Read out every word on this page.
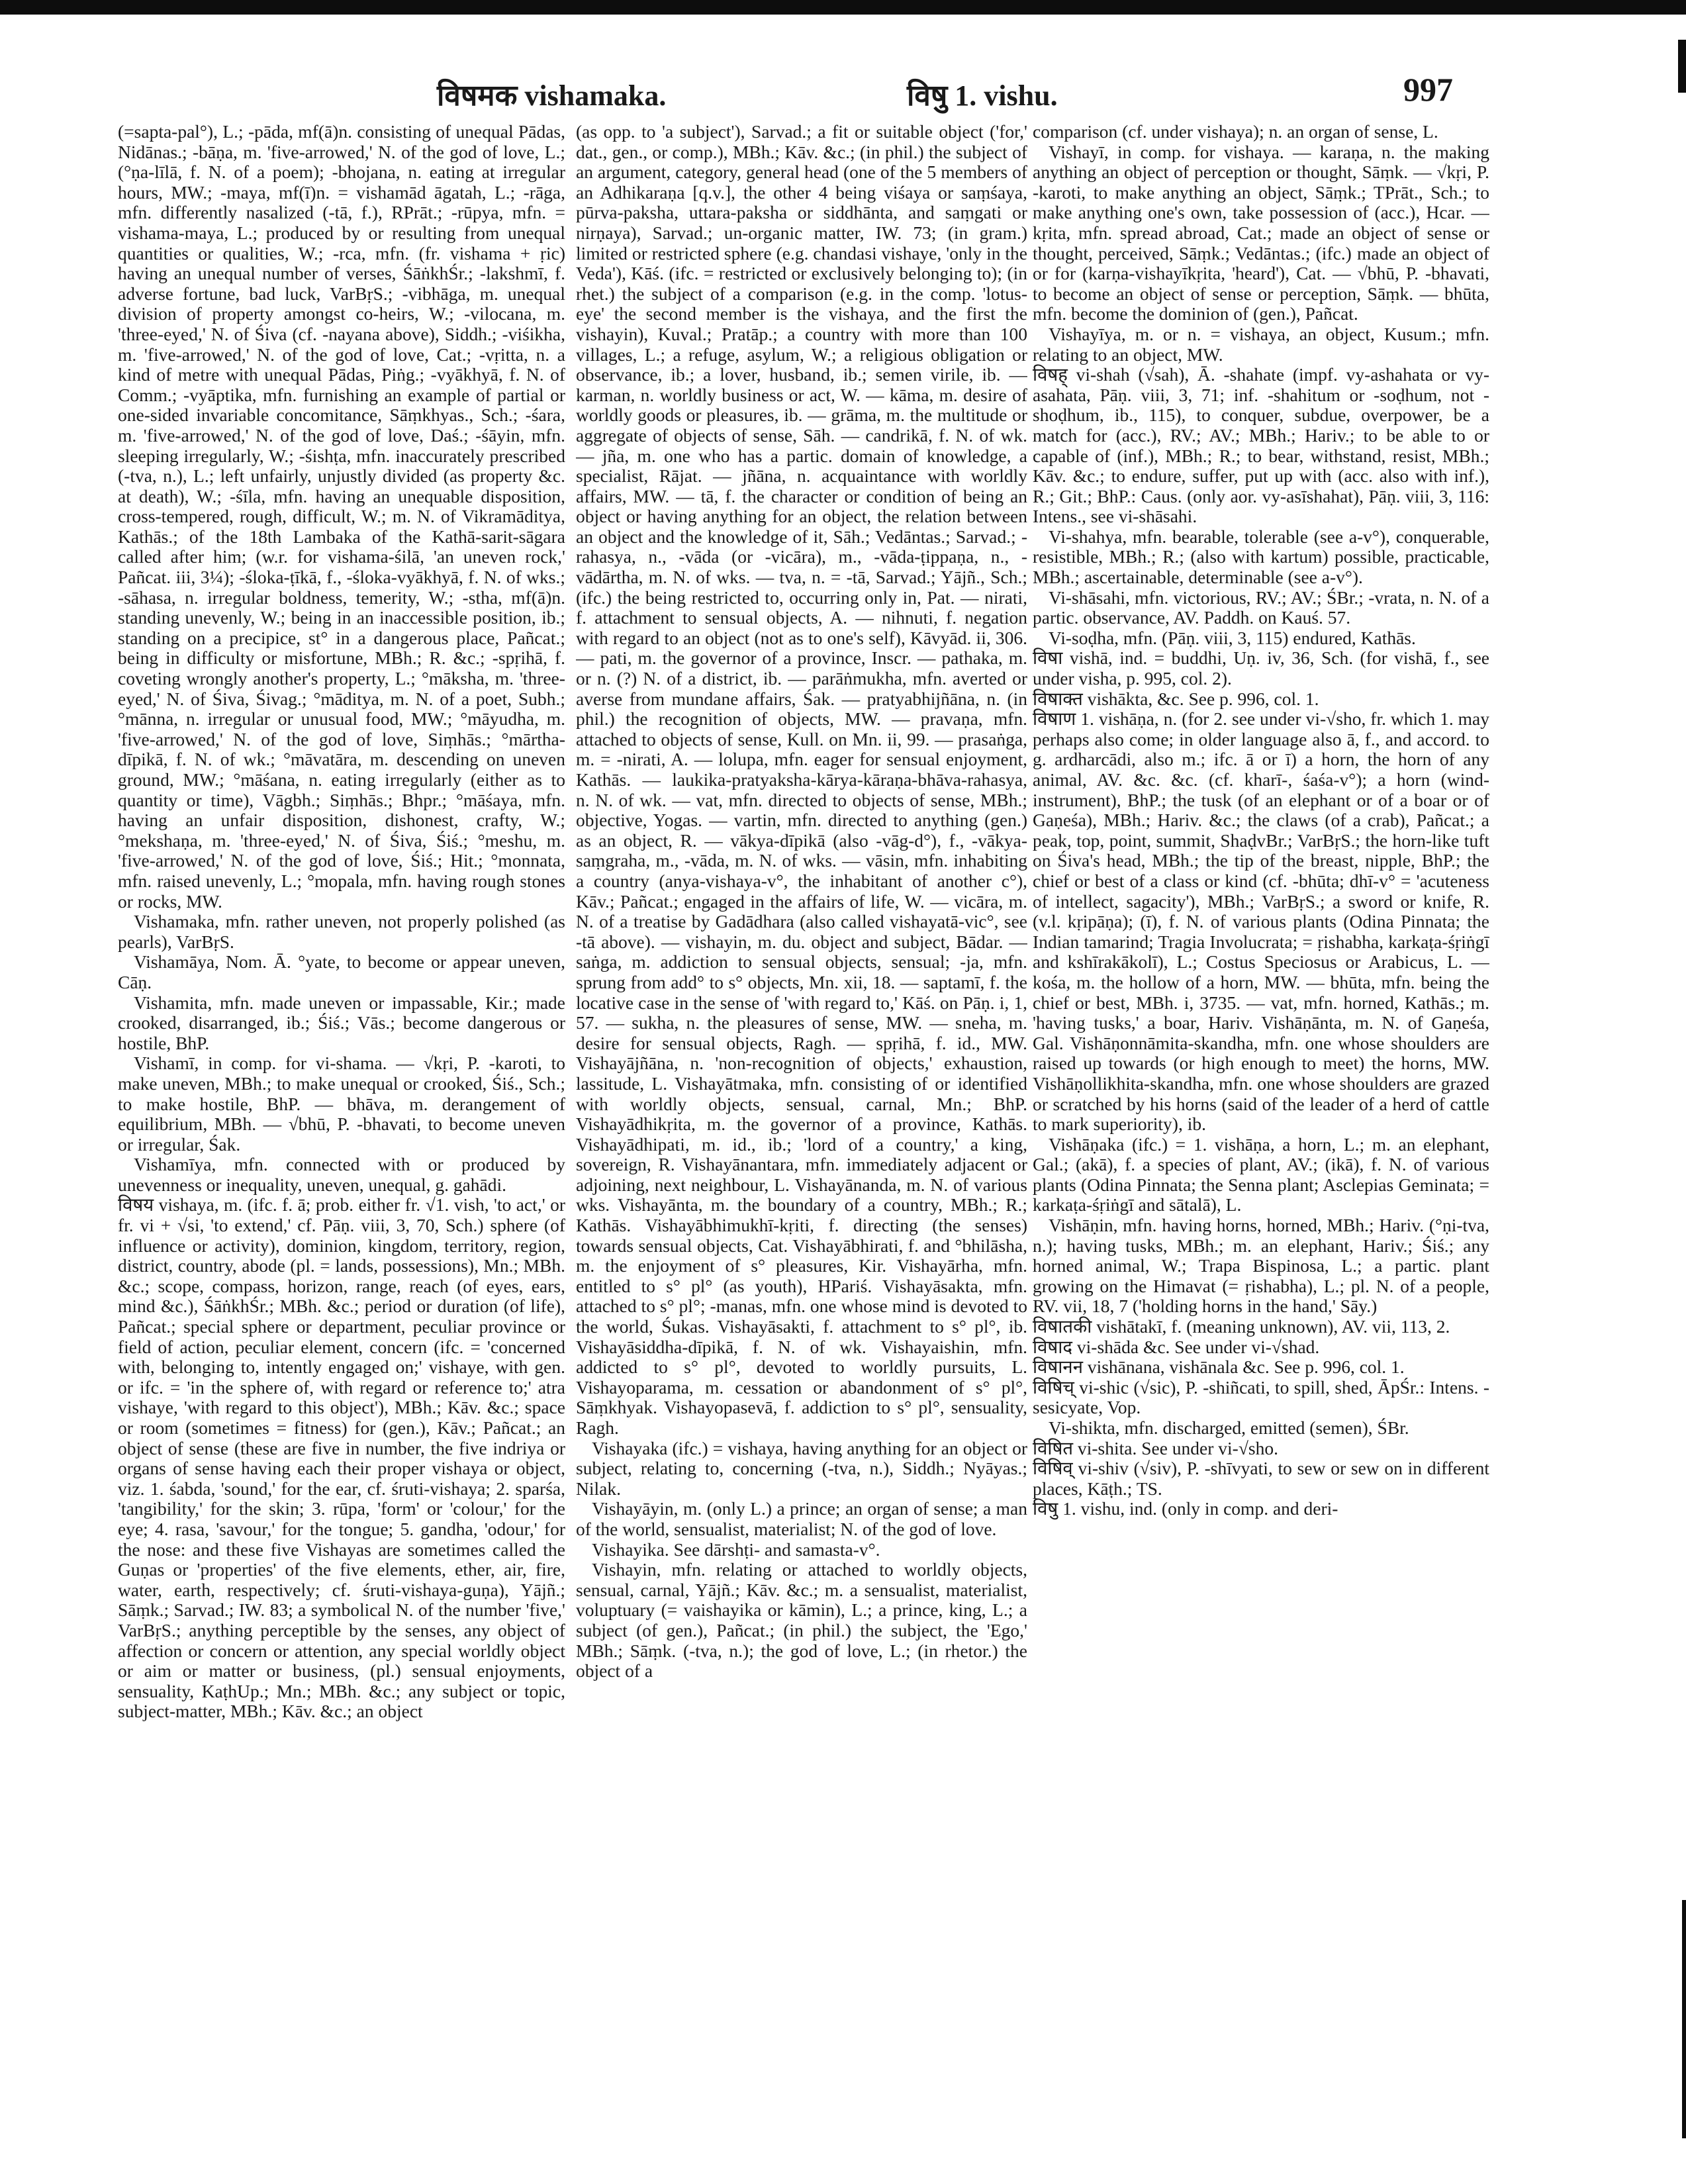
विषमक vishamaka.	विषु 1. vishu.	997

(=sapta-pal°), L.; -pāda, mf(ā)n. consisting of unequal Pādas, Nidānas.; -bāṇa, m. 'five-arrowed,' N. of the god of love, L.; (°ṇa-līlā, f. N. of a poem); -bhojana, n. eating at irregular hours, MW.; -maya, mf(ī)n. = vishamād āgatah, L.; -rāga, mfn. differently nasalized (-tā, f.), RPrāt.; -rūpya, mfn. = vishama-maya, L.; produced by or resulting from unequal quantities or qualities, W.; -rca, mfn. (fr. vishama + ṛic) having an unequal number of verses, ŚāṅkhŚr.; -lakshmī, f. adverse fortune, bad luck, VarBṛS.; -vibhāga, m. unequal division of property amongst co-heirs, W.; -vilocana, m. 'three-eyed,' N. of Śiva (cf. -nayana above), Siddh.; -viśikha, m. 'five-arrowed,' N. of the god of love, Cat.; -vṛitta, n. a kind of metre with unequal Pādas, Piṅg.; -vyākhyā, f. N. of Comm.; -vyāptika, mfn. furnishing an example of partial or one-sided invariable concomitance, Sāṃkhyas., Sch.; -śara, m. 'five-arrowed,' N. of the god of love, Daś.; -śāyin, mfn. sleeping irregularly, W.; -śishṭa, mfn. inaccurately prescribed (-tva, n.), L.; left unfairly, unjustly divided (as property &c. at death), W.; -śīla, mfn. having an unequable disposition, cross-tempered, rough, difficult, W.; m. N. of Vikramāditya, Kathās.; of the 18th Lambaka of the Kathā-sarit-sāgara called after him; (w.r. for vishama-śilā, 'an uneven rock,' Pañcat. iii, 3¼); -śloka-ṭīkā, f., -śloka-vyākhyā, f. N. of wks.; -sāhasa, n. irregular boldness, temerity, W.; -stha, mf(ā)n. standing unevenly, W.; being in an inaccessible position, ib.; standing on a precipice, st° in a dangerous place, Pañcat.; being in difficulty or misfortune, MBh.; R. &c.; -spṛihā, f. coveting wrongly another's property, L.; °māksha, m. 'three-eyed,' N. of Śiva, Śivag.; °māditya, m. N. of a poet, Subh.; °mānna, n. irregular or unusual food, MW.; °māyudha, m. 'five-arrowed,' N. of the god of love, Siṃhās.; °mārtha-dīpikā, f. N. of wk.; °māvatāra, m. descending on uneven ground, MW.; °māśana, n. eating irregularly (either as to quantity or time), Vāgbh.; Siṃhās.; Bhpr.; °māśaya, mfn. having an unfair disposition, dishonest, crafty, W.; °mekshaṇa, m. 'three-eyed,' N. of Śiva, Śiś.; °meshu, m. 'five-arrowed,' N. of the god of love, Śiś.; Hit.; °monnata, mfn. raised unevenly, L.; °mopala, mfn. having rough stones or rocks, MW.

Vishamaka, mfn. rather uneven, not properly polished (as pearls), VarBṛS.

Vishamāya, Nom. Ā. °yate, to become or appear uneven, Cāṇ.

Vishamita, mfn. made uneven or impassable, Kir.; made crooked, disarranged, ib.; Śiś.; Vās.; become dangerous or hostile, BhP.

Vishamī, in comp. for vi-shama. — √kṛi, P. -karoti, to make uneven, MBh.; to make unequal or crooked, Śiś., Sch.; to make hostile, BhP. — bhāva, m. derangement of equilibrium, MBh. — √bhū, P. -bhavati, to become uneven or irregular, Śak.

Vishamīya, mfn. connected with or produced by unevenness or inequality, uneven, unequal, g. gahādi.

विषय vishaya, m. (ifc. f. ā; prob. either fr. √1. vish, 'to act,' or fr. vi + √si, 'to extend,' cf. Pāṇ. viii, 3, 70, Sch.) sphere (of influence or activity), dominion, kingdom, territory, region, district, country, abode (pl. = lands, possessions), Mn.; MBh. &c.; scope, compass, horizon, range, reach (of eyes, ears, mind &c.), ŚāṅkhŚr.; MBh. &c.; period or duration (of life), Pañcat.; special sphere or department, peculiar province or field of action, peculiar element, concern (ifc. = 'concerned with, belonging to, intently engaged on;' vishaye, with gen. or ifc. = 'in the sphere of, with regard or reference to;' atra vishaye, 'with regard to this object'), MBh.; Kāv. &c.; space or room (sometimes = fitness) for (gen.), Kāv.; Pañcat.; an object of sense (these are five in number, the five indriya or organs of sense having each their proper vishaya or object, viz. 1. śabda, 'sound,' for the ear, cf. śruti-vishaya; 2. sparśa, 'tangibility,' for the skin; 3. rūpa, 'form' or 'colour,' for the eye; 4. rasa, 'savour,' for the tongue; 5. gandha, 'odour,' for the nose: and these five Vishayas are sometimes called the Guṇas or 'properties' of the five elements, ether, air, fire, water, earth, respectively; cf. śruti-vishaya-guṇa), Yājñ.; Sāṃk.; Sarvad.; IW. 83; a symbolical N. of the number 'five,' VarBṛS.; anything perceptible by the senses, any object of affection or concern or attention, any special worldly object or aim or matter or business, (pl.) sensual enjoyments, sensuality, KaṭhUp.; Mn.; MBh. &c.; any subject or topic, subject-matter, MBh.; Kāv. &c.; an object

(as opp. to 'a subject'), Sarvad.; a fit or suitable object ('for,' dat., gen., or comp.), MBh.; Kāv. &c.; (in phil.) the subject of an argument, category, general head (one of the 5 members of an Adhikaraṇa [q.v.], the other 4 being viśaya or saṃśaya, pūrva-paksha, uttara-paksha or siddhānta, and saṃgati or nirṇaya), Sarvad.; un-organic matter, IW. 73; (in gram.) limited or restricted sphere (e.g. chandasi vishaye, 'only in the Veda'), Kāś. (ifc. = restricted or exclusively belonging to); (in rhet.) the subject of a comparison (e.g. in the comp. 'lotus-eye' the second member is the vishaya, and the first the vishayin), Kuval.; Pratāp.; a country with more than 100 villages, L.; a refuge, asylum, W.; a religious obligation or observance, ib.; a lover, husband, ib.; semen virile, ib. — karman, n. worldly business or act, W. — kāma, m. desire of worldly goods or pleasures, ib. — grāma, m. the multitude or aggregate of objects of sense, Sāh. — candrikā, f. N. of wk. — jña, m. one who has a partic. domain of knowledge, a specialist, Rājat. — jñāna, n. acquaintance with worldly affairs, MW. — tā, f. the character or condition of being an object or having anything for an object, the relation between an object and the knowledge of it, Sāh.; Vedāntas.; Sarvad.; -rahasya, n., -vāda (or -vicāra), m., -vāda-ṭippaṇa, n., -vādārtha, m. N. of wks. — tva, n. = -tā, Sarvad.; Yājñ., Sch.; (ifc.) the being restricted to, occurring only in, Pat. — nirati, f. attachment to sensual objects, A. — nihnuti, f. negation with regard to an object (not as to one's self), Kāvyād. ii, 306. — pati, m. the governor of a province, Inscr. — pathaka, m. or n. (?) N. of a district, ib. — parāṅmukha, mfn. averted or averse from mundane affairs, Śak. — pratyabhijñāna, n. (in phil.) the recognition of objects, MW. — pravaṇa, mfn. attached to objects of sense, Kull. on Mn. ii, 99. — prasaṅga, m. = -nirati, A. — lolupa, mfn. eager for sensual enjoyment, Kathās. — laukika-pratyaksha-kārya-kāraṇa-bhāva-rahasya, n. N. of wk. — vat, mfn. directed to objects of sense, MBh.; objective, Yogas. — vartin, mfn. directed to anything (gen.) as an object, R. — vākya-dīpikā (also -vāg-d°), f., -vākya-saṃgraha, m., -vāda, m. N. of wks. — vāsin, mfn. inhabiting a country (anya-vishaya-v°, the inhabitant of another c°), Kāv.; Pañcat.; engaged in the affairs of life, W. — vicāra, m. N. of a treatise by Gadādhara (also called vishayatā-vic°, see -tā above). — vishayin, m. du. object and subject, Bādar. — saṅga, m. addiction to sensual objects, sensual; -ja, mfn. sprung from add° to s° objects, Mn. xii, 18. — saptamī, f. the locative case in the sense of 'with regard to,' Kāś. on Pāṇ. i, 1, 57. — sukha, n. the pleasures of sense, MW. — sneha, m. desire for sensual objects, Ragh. — spṛihā, f. id., MW. Vishayājñāna, n. 'non-recognition of objects,' exhaustion, lassitude, L. Vishayātmaka, mfn. consisting of or identified with worldly objects, sensual, carnal, Mn.; BhP. Vishayādhikṛita, m. the governor of a province, Kathās. Vishayādhipati, m. id., ib.; 'lord of a country,' a king, sovereign, R. Vishayānantara, mfn. immediately adjacent or adjoining, next neighbour, L. Vishayānanda, m. N. of various wks. Vishayānta, m. the boundary of a country, MBh.; R.; Kathās. Vishayābhimukhī-kṛiti, f. directing (the senses) towards sensual objects, Cat. Vishayābhirati, f. and °bhilāsha, m. the enjoyment of s° pleasures, Kir. Vishayārha, mfn. entitled to s° pl° (as youth), HPariś. Vishayāsakta, mfn. attached to s° pl°; -manas, mfn. one whose mind is devoted to the world, Śukas. Vishayāsakti, f. attachment to s° pl°, ib. Vishayāsiddha-dīpikā, f. N. of wk. Vishayaishin, mfn. addicted to s° pl°, devoted to worldly pursuits, L. Vishayoparama, m. cessation or abandonment of s° pl°, Sāṃkhyak. Vishayopasevā, f. addiction to s° pl°, sensuality, Ragh.

Vishayaka (ifc.) = vishaya, having anything for an object or subject, relating to, concerning (-tva, n.), Siddh.; Nyāyas.; Nilak.

Vishayāyin, m. (only L.) a prince; an organ of sense; a man of the world, sensualist, materialist; N. of the god of love.

Vishayika. See dārshṭi- and samasta-v°.

Vishayin, mfn. relating or attached to worldly objects, sensual, carnal, Yājñ.; Kāv. &c.; m. a sensualist, materialist, voluptuary (= vaishayika or kāmin), L.; a prince, king, L.; a subject (of gen.), Pañcat.; (in phil.) the subject, the 'Ego,' MBh.; Sāṃk. (-tva, n.); the god of love, L.; (in rhetor.) the object of a

comparison (cf. under vishaya); n. an organ of sense, L.

Vishayī, in comp. for vishaya. — karaṇa, n. the making anything an object of perception or thought, Sāṃk. — √kṛi, P. -karoti, to make anything an object, Sāṃk.; TPrāt., Sch.; to make anything one's own, take possession of (acc.), Hcar. — kṛita, mfn. spread abroad, Cat.; made an object of sense or thought, perceived, Sāṃk.; Vedāntas.; (ifc.) made an object of or for (karṇa-vishayīkṛita, 'heard'), Cat. — √bhū, P. -bhavati, to become an object of sense or perception, Sāṃk. — bhūta, mfn. become the dominion of (gen.), Pañcat.

Vishayīya, m. or n. = vishaya, an object, Kusum.; mfn. relating to an object, MW.

विषह् vi-shah (√sah), Ā. -shahate (impf. vy-ashahata or vy-asahata, Pāṇ. viii, 3, 71; inf. -shahitum or -soḍhum, not -shoḍhum, ib., 115), to conquer, subdue, overpower, be a match for (acc.), RV.; AV.; MBh.; Hariv.; to be able to or capable of (inf.), MBh.; R.; to bear, withstand, resist, MBh.; Kāv. &c.; to endure, suffer, put up with (acc. also with inf.), R.; Git.; BhP.: Caus. (only aor. vy-asīshahat), Pāṇ. viii, 3, 116: Intens., see vi-shāsahi.

Vi-shahya, mfn. bearable, tolerable (see a-v°), conquerable, resistible, MBh.; R.; (also with kartum) possible, practicable, MBh.; ascertainable, determinable (see a-v°).

Vi-shāsahi, mfn. victorious, RV.; AV.; ŚBr.; -vrata, n. N. of a partic. observance, AV. Paddh. on Kauś. 57.

Vi-soḍha, mfn. (Pāṇ. viii, 3, 115) endured, Kathās.

विषा vishā, ind. = buddhi, Uṇ. iv, 36, Sch. (for vishā, f., see under visha, p. 995, col. 2).

विषाक्त vishākta, &c. See p. 996, col. 1.

विषाण 1. vishāṇa, n. (for 2. see under vi-√sho, fr. which 1. may perhaps also come; in older language also ā, f., and accord. to g. ardharcādi, also m.; ifc. ā or ī) a horn, the horn of any animal, AV. &c. &c. (cf. kharī-, śaśa-v°); a horn (wind-instrument), BhP.; the tusk (of an elephant or of a boar or of Gaṇeśa), MBh.; Hariv. &c.; the claws (of a crab), Pañcat.; a peak, top, point, summit, ShaḍvBr.; VarBṛS.; the horn-like tuft on Śiva's head, MBh.; the tip of the breast, nipple, BhP.; the chief or best of a class or kind (cf. -bhūta; dhī-v° = 'acuteness of intellect, sagacity'), MBh.; VarBṛS.; a sword or knife, R. (v.l. kṛipāṇa); (ī), f. N. of various plants (Odina Pinnata; the Indian tamarind; Tragia Involucrata; = ṛishabha, karkaṭa-śṛiṅgī and kshīrakākolī), L.; Costus Speciosus or Arabicus, L. — kośa, m. the hollow of a horn, MW. — bhūta, mfn. being the chief or best, MBh. i, 3735. — vat, mfn. horned, Kathās.; m. 'having tusks,' a boar, Hariv. Vishāṇānta, m. N. of Gaṇeśa, Gal. Vishāṇonnāmita-skandha, mfn. one whose shoulders are raised up towards (or high enough to meet) the horns, MW. Vishāṇollikhita-skandha, mfn. one whose shoulders are grazed or scratched by his horns (said of the leader of a herd of cattle to mark superiority), ib.

Vishāṇaka (ifc.) = 1. vishāṇa, a horn, L.; m. an elephant, Gal.; (akā), f. a species of plant, AV.; (ikā), f. N. of various plants (Odina Pinnata; the Senna plant; Asclepias Geminata; = karkaṭa-śṛiṅgī and sātalā), L.

Vishāṇin, mfn. having horns, horned, MBh.; Hariv. (°ṇi-tva, n.); having tusks, MBh.; m. an elephant, Hariv.; Śiś.; any horned animal, W.; Trapa Bispinosa, L.; a partic. plant growing on the Himavat (= ṛishabha), L.; pl. N. of a people, RV. vii, 18, 7 ('holding horns in the hand,' Sāy.)

विषातकी vishātakī, f. (meaning unknown), AV. vii, 113, 2.

विषाद vi-shāda &c. See under vi-√shad.

विषानन vishānana, vishānala &c. See p. 996, col. 1.

विषिच् vi-shic (√sic), P. -shiñcati, to spill, shed, ĀpŚr.: Intens. -sesicyate, Vop.

Vi-shikta, mfn. discharged, emitted (semen), ŚBr.

विषित vi-shita. See under vi-√sho.

विषिव् vi-shiv (√siv), P. -shīvyati, to sew or sew on in different places, Kāṭh.; TS.

विषु 1. vishu, ind. (only in comp. and deri-
